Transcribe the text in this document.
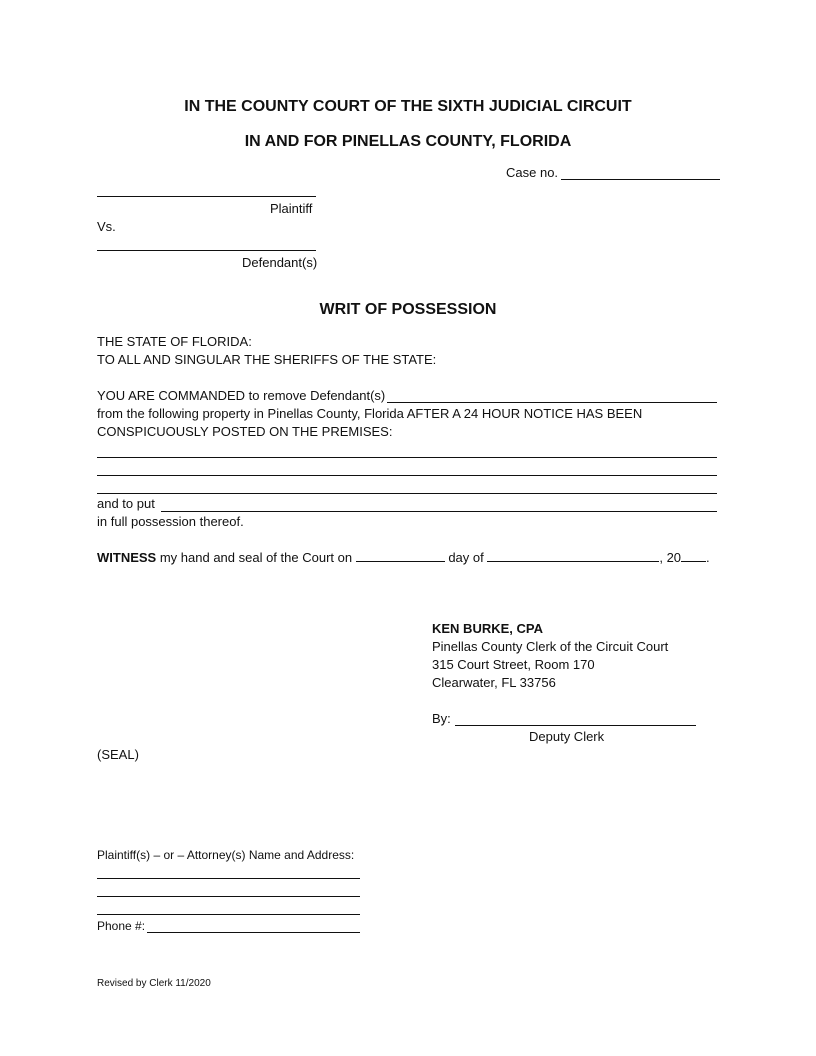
IN THE COUNTY COURT OF THE SIXTH JUDICIAL CIRCUIT
IN AND FOR PINELLAS COUNTY, FLORIDA
Case no.
Plaintiff
Vs.
Defendant(s)
WRIT OF POSSESSION
THE STATE OF FLORIDA:
TO ALL AND SINGULAR THE SHERIFFS OF THE STATE:
YOU ARE COMMANDED to remove Defendant(s)
from the following property in Pinellas County, Florida AFTER A 24 HOUR NOTICE HAS BEEN
CONSPICUOUSLY POSTED ON THE PREMISES:
and to put
in full possession thereof.
WITNESS my hand and seal of the Court on	day of	, 20 .
KEN BURKE, CPA
Pinellas County Clerk of the Circuit Court
315 Court Street, Room 170
Clearwater, FL 33756
By:
Deputy Clerk
(SEAL)
Plaintiff(s) – or – Attorney(s) Name and Address:
Phone #:
Revised by Clerk 11/2020
